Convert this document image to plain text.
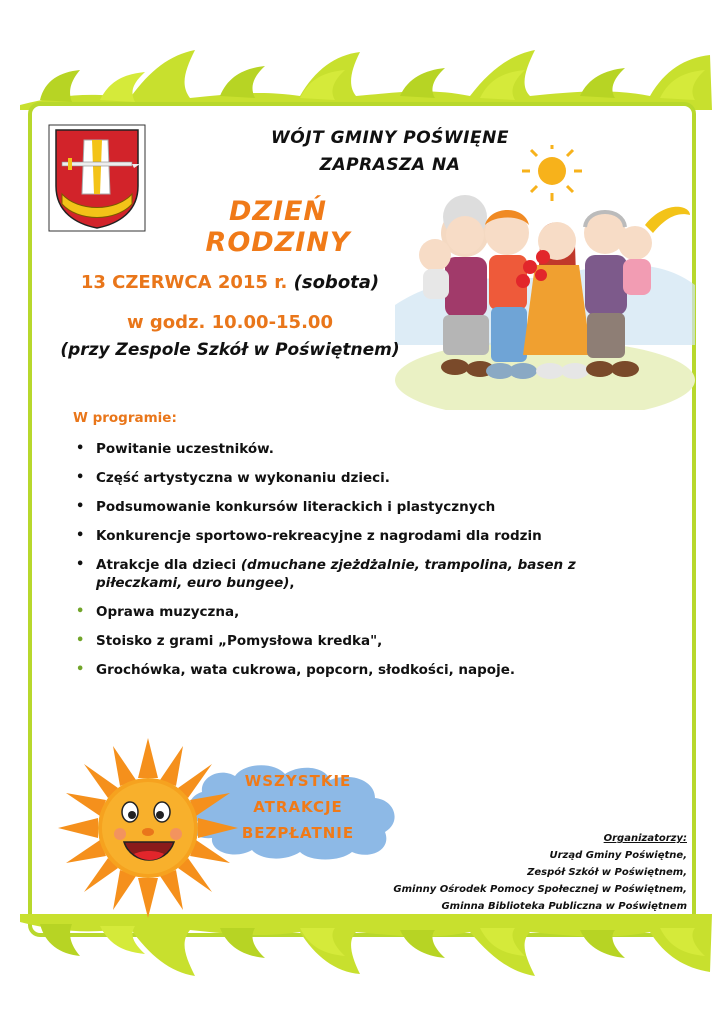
WÓJT GMINY POŚWIĘNE
ZAPRASZA NA
DZIEŃ RODZINY
13 CZERWCA 2015 r. (sobota)
w godz. 10.00-15.00
(przy Zespole Szkół w Poświętnem)
W programie:
• Powitanie uczestników.
• Część artystyczna w wykonaniu dzieci.
• Podsumowanie konkursów literackich i plastycznych
• Konkurencje sportowo-rekreacyjne z nagrodami dla rodzin
• Atrakcje dla dzieci (dmuchane zjeżdżalnie, trampolina, basen z piłeczkami, euro bungee),
• Oprawa muzyczna,
• Stoisko z grami „Pomysłowa kredka",
• Grochówka, wata cukrowa, popcorn, słodkości, napoje.
WSZYSTKIE
ATRAKCJE
BEZPŁATNIE	Organizatorzy:
Urząd Gminy Poświętne,
Zespół Szkół w Poświętnem,
Gminny Ośrodek Pomocy Społecznej w Poświętnem,
Gminna Biblioteka Publiczna w Poświętnem
